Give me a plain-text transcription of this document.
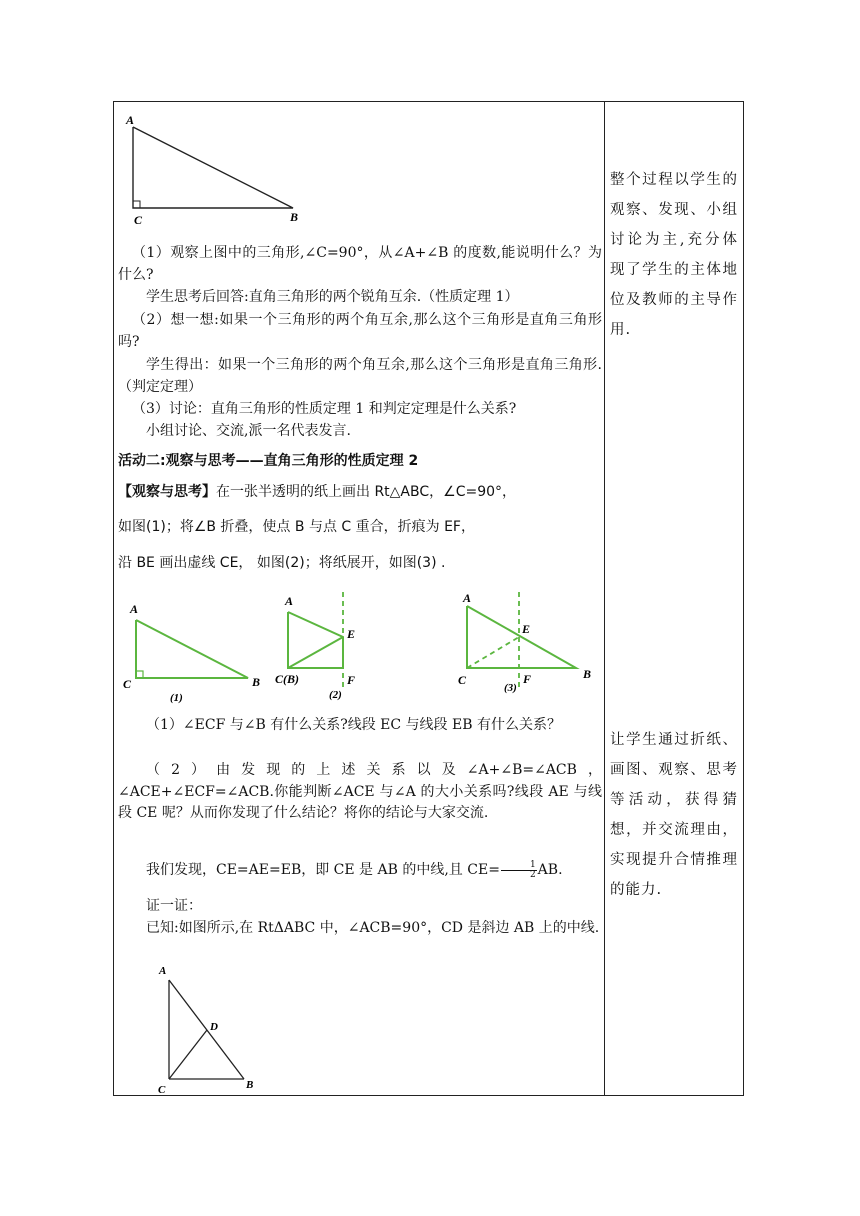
A
C	B
（1）观察上图中的三角形,∠C=90°，从∠A+∠B 的度数,能说明什么？为什么?
学生思考后回答:直角三角形的两个锐角互余.（性质定理 1）
（2）想一想:如果一个三角形的两个角互余,那么这个三角形是直角三角形吗?
学生得出：如果一个三角形的两个角互余,那么这个三角形是直角三角形.（判定定理）
（3）讨论：直角三角形的性质定理 1 和判定定理是什么关系?
小组讨论、交流,派一名代表发言.
活动二:观察与思考——直角三角形的性质定理 2
【观察与思考】在一张半透明的纸上画出 Rt△ABC，∠C=90°，
如图(1)；将∠B 折叠，使点 B 与点 C 重合，折痕为 EF，
沿 BE 画出虚线 CE， 如图(2)；将纸展开，如图(3) .
A
C	B
(1)
A
E
C(B)	F
(2)
A
E
C	F	B
(3)
（1）∠ECF 与∠B 有什么关系?线段 EC 与线段 EB 有什么关系？
（2）由发现的上述关系以及∠A+∠B=∠ACB，∠ACE+∠ECF=∠ACB.你能判断∠ACE 与∠A 的大小关系吗?线段 AE 与线段 CE 呢？从而你发现了什么结论？将你的结论与大家交流.
我们发现，CE=AE=EB，即 CE 是 AB 的中线,且 $CE= \frac{1}{2}$ AB.
证一证：
已知:如图所示,在 RtΔABC 中，∠ACB=90°，CD 是斜边 AB 上的中线.
A
D
C	B
整个过程以学生的观察、发现、小组讨论为主,充分体现了学生的主体地位及教师的主导作用.
让学生通过折纸、画图、观察、思考等活动，获得猜想，并交流理由，实现提升合情推理的能力.
